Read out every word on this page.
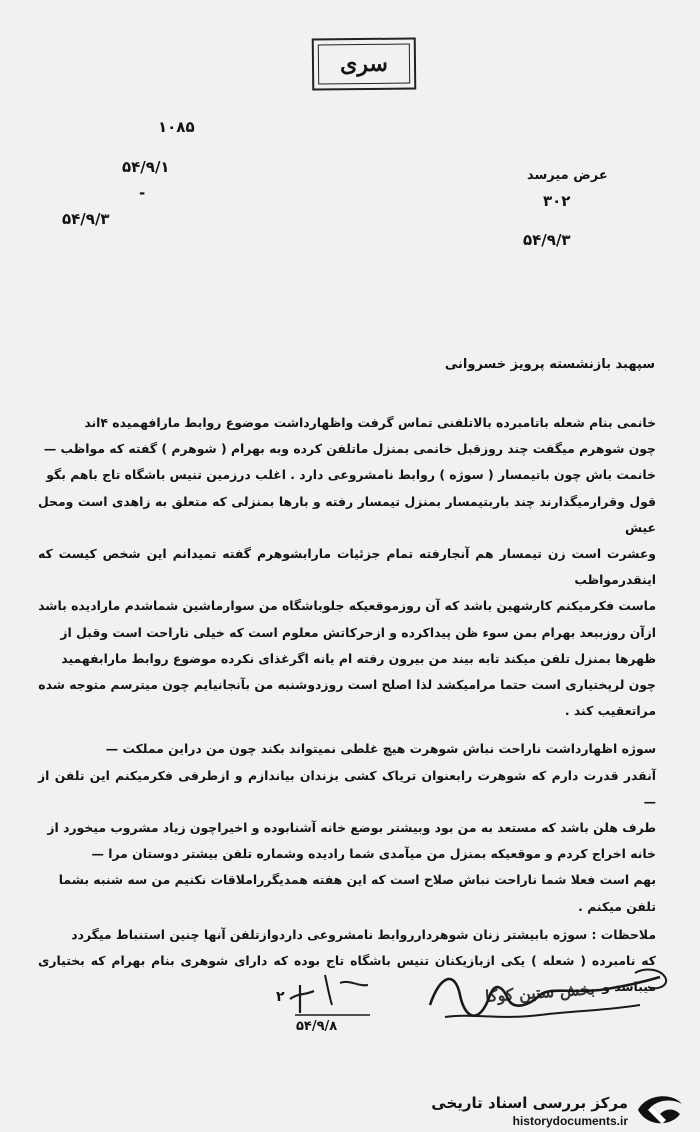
سری
۱۰۸۵
۵۴/۹/۱
-
۵۴/۹/۳
عرض میرسد
۳۰۲
۵۴/۹/۳
سپهبد بازنشسته پرویز خسروانی

خانمی بنام شعله باتامبرده بالاتلفنی تماس گرفت واظهارداشت موضوع روابط مارافهمیده ۴اند

چون شوهرم میگفت چند روزقبل خانمی بمنزل ماتلفن کرده وبه بهرام ( شوهرم ) گفته که مواظب —

خانمت باش چون باتیمسار ( سوژه ) روابط نامشروعی دارد . اغلب درزمین تنیس باشگاه تاج باهم بگو

قول وقرارمیگذارند چند باربتیمسار بمنزل تیمسار رفته و بارها بمنزلی که متعلق به زاهدی است ومحل عیش

وعشرت است زن تیمسار هم آنجارفته تمام جزئیات مارابشوهرم گفته تمیدانم این شخص کیست که اینقدرمواظب

ماست فکرمیکنم کارشهین باشد که آن روزموقعیکه جلوباشگاه من سوارماشین شماشدم مارادیده باشد

ازآن روزببعد بهرام بمن سوء ظن پیداکرده و ازحرکاتش معلوم است که خیلی ناراحت است وقبل از

ظهرها بمنزل تلفن میکند تابه بیند من بیرون رفته ام یانه اگرغذای نکرده موضوع روابط مارابفهمید

چون لرپختیاری است حتما مرامیکشد لذا اصلح است روزدوشنبه من بآنجانیایم چون میترسم متوجه شده

مراتعقیب کند .

سوژه اظهارداشت ناراحت نباش شوهرت هیچ غلطی نمیتواند بکند چون من دراین مملکت —

آنقدر قدرت دارم که شوهرت رابعنوان تریاک کشی بزندان بیاندازم و ازطرفی فکرمیکنم این تلفن از —

طرف هلن باشد که مستعد به من بود وبیشتر بوضع خانه آشنابوده و اخیراچون زیاد مشروب میخورد از

خانه اخراج کردم و موقعیکه بمنزل من میآمدی شما رادیده وشماره تلفن بیشتر دوستان مرا —

بهم است فعلا شما ناراحت نباش صلاح است که این هفته همدیگرراملاقات نکنیم من سه شنبه بشما

تلفن میکنم .

ملاحظات : سوژه بابیشتر زنان شوهردارروابط نامشروعی داردوازتلفن آنها چنین استنباط میگردد

که نامبرده ( شعله ) یکی ازبازیکنان تنیس باشگاه تاج بوده که دارای شوهری بنام بهرام که بختیاری میباشد و

بخش ستین کوکا
۵۴/۹/۸
۲
مرکز بررسی اسناد تاریخی
historydocuments.ir
